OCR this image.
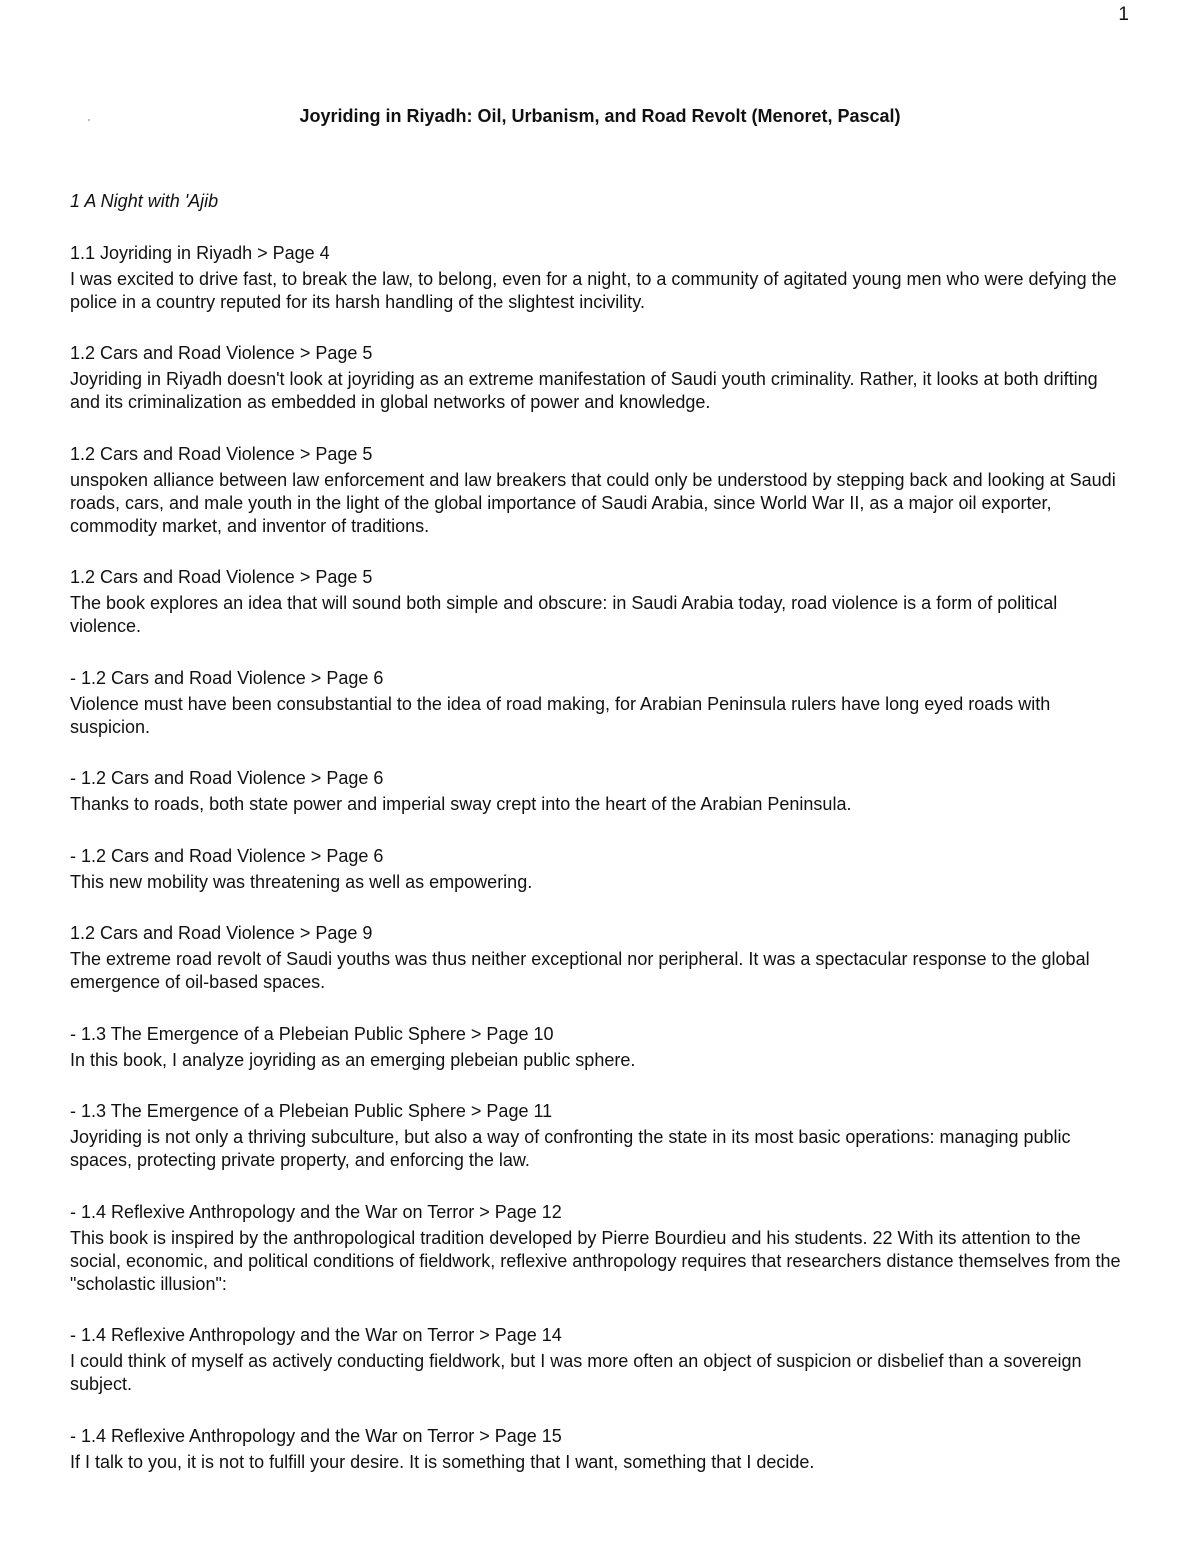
1
'	Joyriding in Riyadh: Oil, Urbanism, and Road Revolt (Menoret, Pascal)

1 A Night with 'Ajib

1.1 Joyriding in Riyadh > Page 4

I was excited to drive fast, to break the law, to belong, even for a night, to a community of agitated young men who were defying the police in a country reputed for its harsh handling of the slightest incivility.

1.2 Cars and Road Violence > Page 5

Joyriding in Riyadh doesn't look at joyriding as an extreme manifestation of Saudi youth criminality. Rather, it looks at both drifting and its criminalization as embedded in global networks of power and knowledge.

1.2 Cars and Road Violence > Page 5

unspoken alliance between law enforcement and law breakers that could only be understood by stepping back and looking at Saudi roads, cars, and male youth in the light of the global importance of Saudi Arabia, since World War II, as a major oil exporter, commodity market, and inventor of traditions.

1.2 Cars and Road Violence > Page 5

The book explores an idea that will sound both simple and obscure: in Saudi Arabia today, road violence is a form of political violence.

- 1.2 Cars and Road Violence > Page 6

Violence must have been consubstantial to the idea of road making, for Arabian Peninsula rulers have long eyed roads with suspicion.

- 1.2 Cars and Road Violence > Page 6

Thanks to roads, both state power and imperial sway crept into the heart of the Arabian Peninsula.

- 1.2 Cars and Road Violence > Page 6

This new mobility was threatening as well as empowering.

1.2 Cars and Road Violence > Page 9

The extreme road revolt of Saudi youths was thus neither exceptional nor peripheral. It was a spectacular response to the global emergence of oil-based spaces.

- 1.3 The Emergence of a Plebeian Public Sphere > Page 10

In this book, I analyze joyriding as an emerging plebeian public sphere.

- 1.3 The Emergence of a Plebeian Public Sphere > Page 11

Joyriding is not only a thriving subculture, but also a way of confronting the state in its most basic operations: managing public spaces, protecting private property, and enforcing the law.

- 1.4 Reflexive Anthropology and the War on Terror > Page 12

This book is inspired by the anthropological tradition developed by Pierre Bourdieu and his students. 22 With its attention to the social, economic, and political conditions of fieldwork, reflexive anthropology requires that researchers distance themselves from the "scholastic illusion":

- 1.4 Reflexive Anthropology and the War on Terror > Page 14

I could think of myself as actively conducting fieldwork, but I was more often an object of suspicion or disbelief than a sovereign subject.

- 1.4 Reflexive Anthropology and the War on Terror > Page 15

If I talk to you, it is not to fulfill your desire. It is something that I want, something that I decide.
